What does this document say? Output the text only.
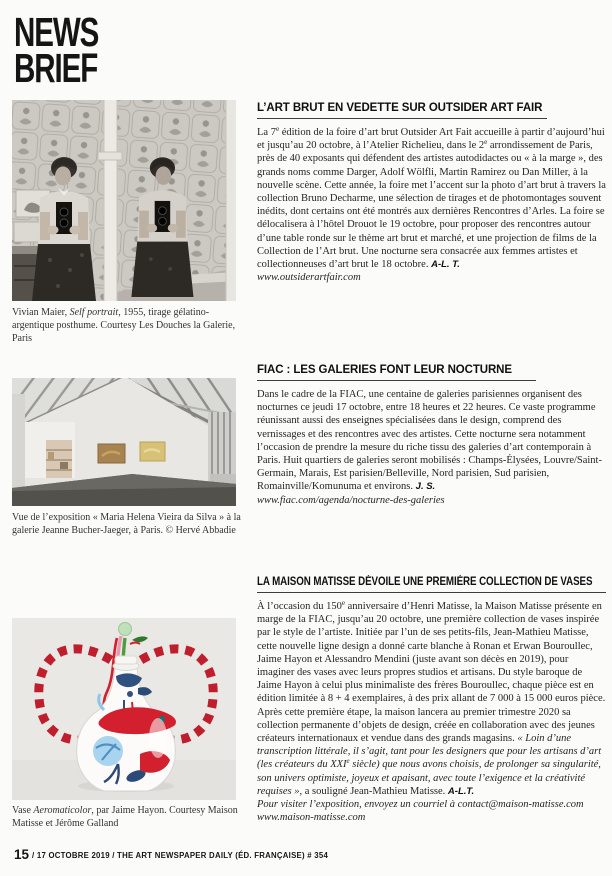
NEWS
BRIEF
Vivian Maier, Self portrait, 1955, tirage gélatino-argentique posthume. Courtesy Les Douches la Galerie, Paris
Vue de l’exposition « Maria Helena Vieira da Silva » à la galerie Jeanne Bucher-Jaeger, à Paris. © Hervé Abbadie
Vase Aeromaticolor, par Jaime Hayon. Courtesy Maison Matisse et Jérôme Galland
L’ART BRUT EN VEDETTE SUR OUTSIDER ART FAIR

La 7e édition de la foire d’art brut Outsider Art Fait accueille à partir d’aujourd’hui et jusqu’au 20 octobre, à l’Atelier Richelieu, dans le 2e arrondissement de Paris, près de 40 exposants qui défendent des artistes autodidactes ou « à la marge », des grands noms comme Darger, Adolf Wölfli, Martin Ramirez ou Dan Miller, à la nouvelle scène. Cette année, la foire met l’accent sur la photo d’art brut à travers la collection Bruno Decharme, une sélection de tirages et de photomontages souvent inédits, dont certains ont été montrés aux dernières Rencontres d’Arles. La foire se délocalisera à l’hôtel Drouot le 19 octobre, pour proposer des rencontres autour d’une table ronde sur le thème art brut et marché, et une projection de films de la Collection de l’Art brut. Une nocturne sera consacrée aux femmes artistes et collectionneuses d’art brut le 18 octobre. A-L. T.
www.outsiderartfair.com

FIAC : LES GALERIES FONT LEUR NOCTURNE

Dans le cadre de la FIAC, une centaine de galeries parisiennes organisent des nocturnes ce jeudi 17 octobre, entre 18 heures et 22 heures. Ce vaste programme réunissant aussi des enseignes spécialisées dans le design, comprend des vernissages et des rencontres avec des artistes. Cette nocturne sera notamment l’occasion de prendre la mesure du riche tissu des galeries d’art contemporain à Paris. Huit quartiers de galeries seront mobilisés : Champs-Élysées, Louvre/Saint-Germain, Marais, Est parisien/Belleville, Nord parisien, Sud parisien, Romainville/Komunuma et environs. J. S.
www.fiac.com/agenda/nocturne-des-galeries

LA MAISON MATISSE DÉVOILE UNE PREMIÈRE COLLECTION DE VASES

À l’occasion du 150e anniversaire d’Henri Matisse, la Maison Matisse présente en marge de la FIAC, jusqu’au 20 octobre, une première collection de vases inspirée par le style de l’artiste. Initiée par l’un de ses petits-fils, Jean-Mathieu Matisse, cette nouvelle ligne design a donné carte blanche à Ronan et Erwan Bouroullec, Jaime Hayon et Alessandro Mendini (juste avant son décès en 2019), pour imaginer des vases avec leurs propres studios et artisans. Du style baroque de Jaime Hayon à celui plus minimaliste des frères Bouroullec, chaque pièce est en édition limitée à 8 + 4 exemplaires, à des prix allant de 7 000 à 15 000 euros pièce. Après cette première étape, la maison lancera au premier trimestre 2020 sa collection permanente d’objets de design, créée en collaboration avec des jeunes créateurs internationaux et vendue dans des grands magasins. « Loin d’une transcription littérale, il s’agit, tant pour les designers que pour les artisans d’art (les créateurs du XXIe siècle) que nous avons choisis, de prolonger sa singularité, son univers optimiste, joyeux et apaisant, avec toute l’exigence et la créativité requises », a souligné Jean-Mathieu Matisse. A-L.T.
Pour visiter l’exposition, envoyez un courriel à contact@maison-matisse.com
www.maison-matisse.com

15 / 17 OCTOBRE 2019 / THE ART NEWSPAPER DAILY (ÉD. FRANÇAISE) # 354
